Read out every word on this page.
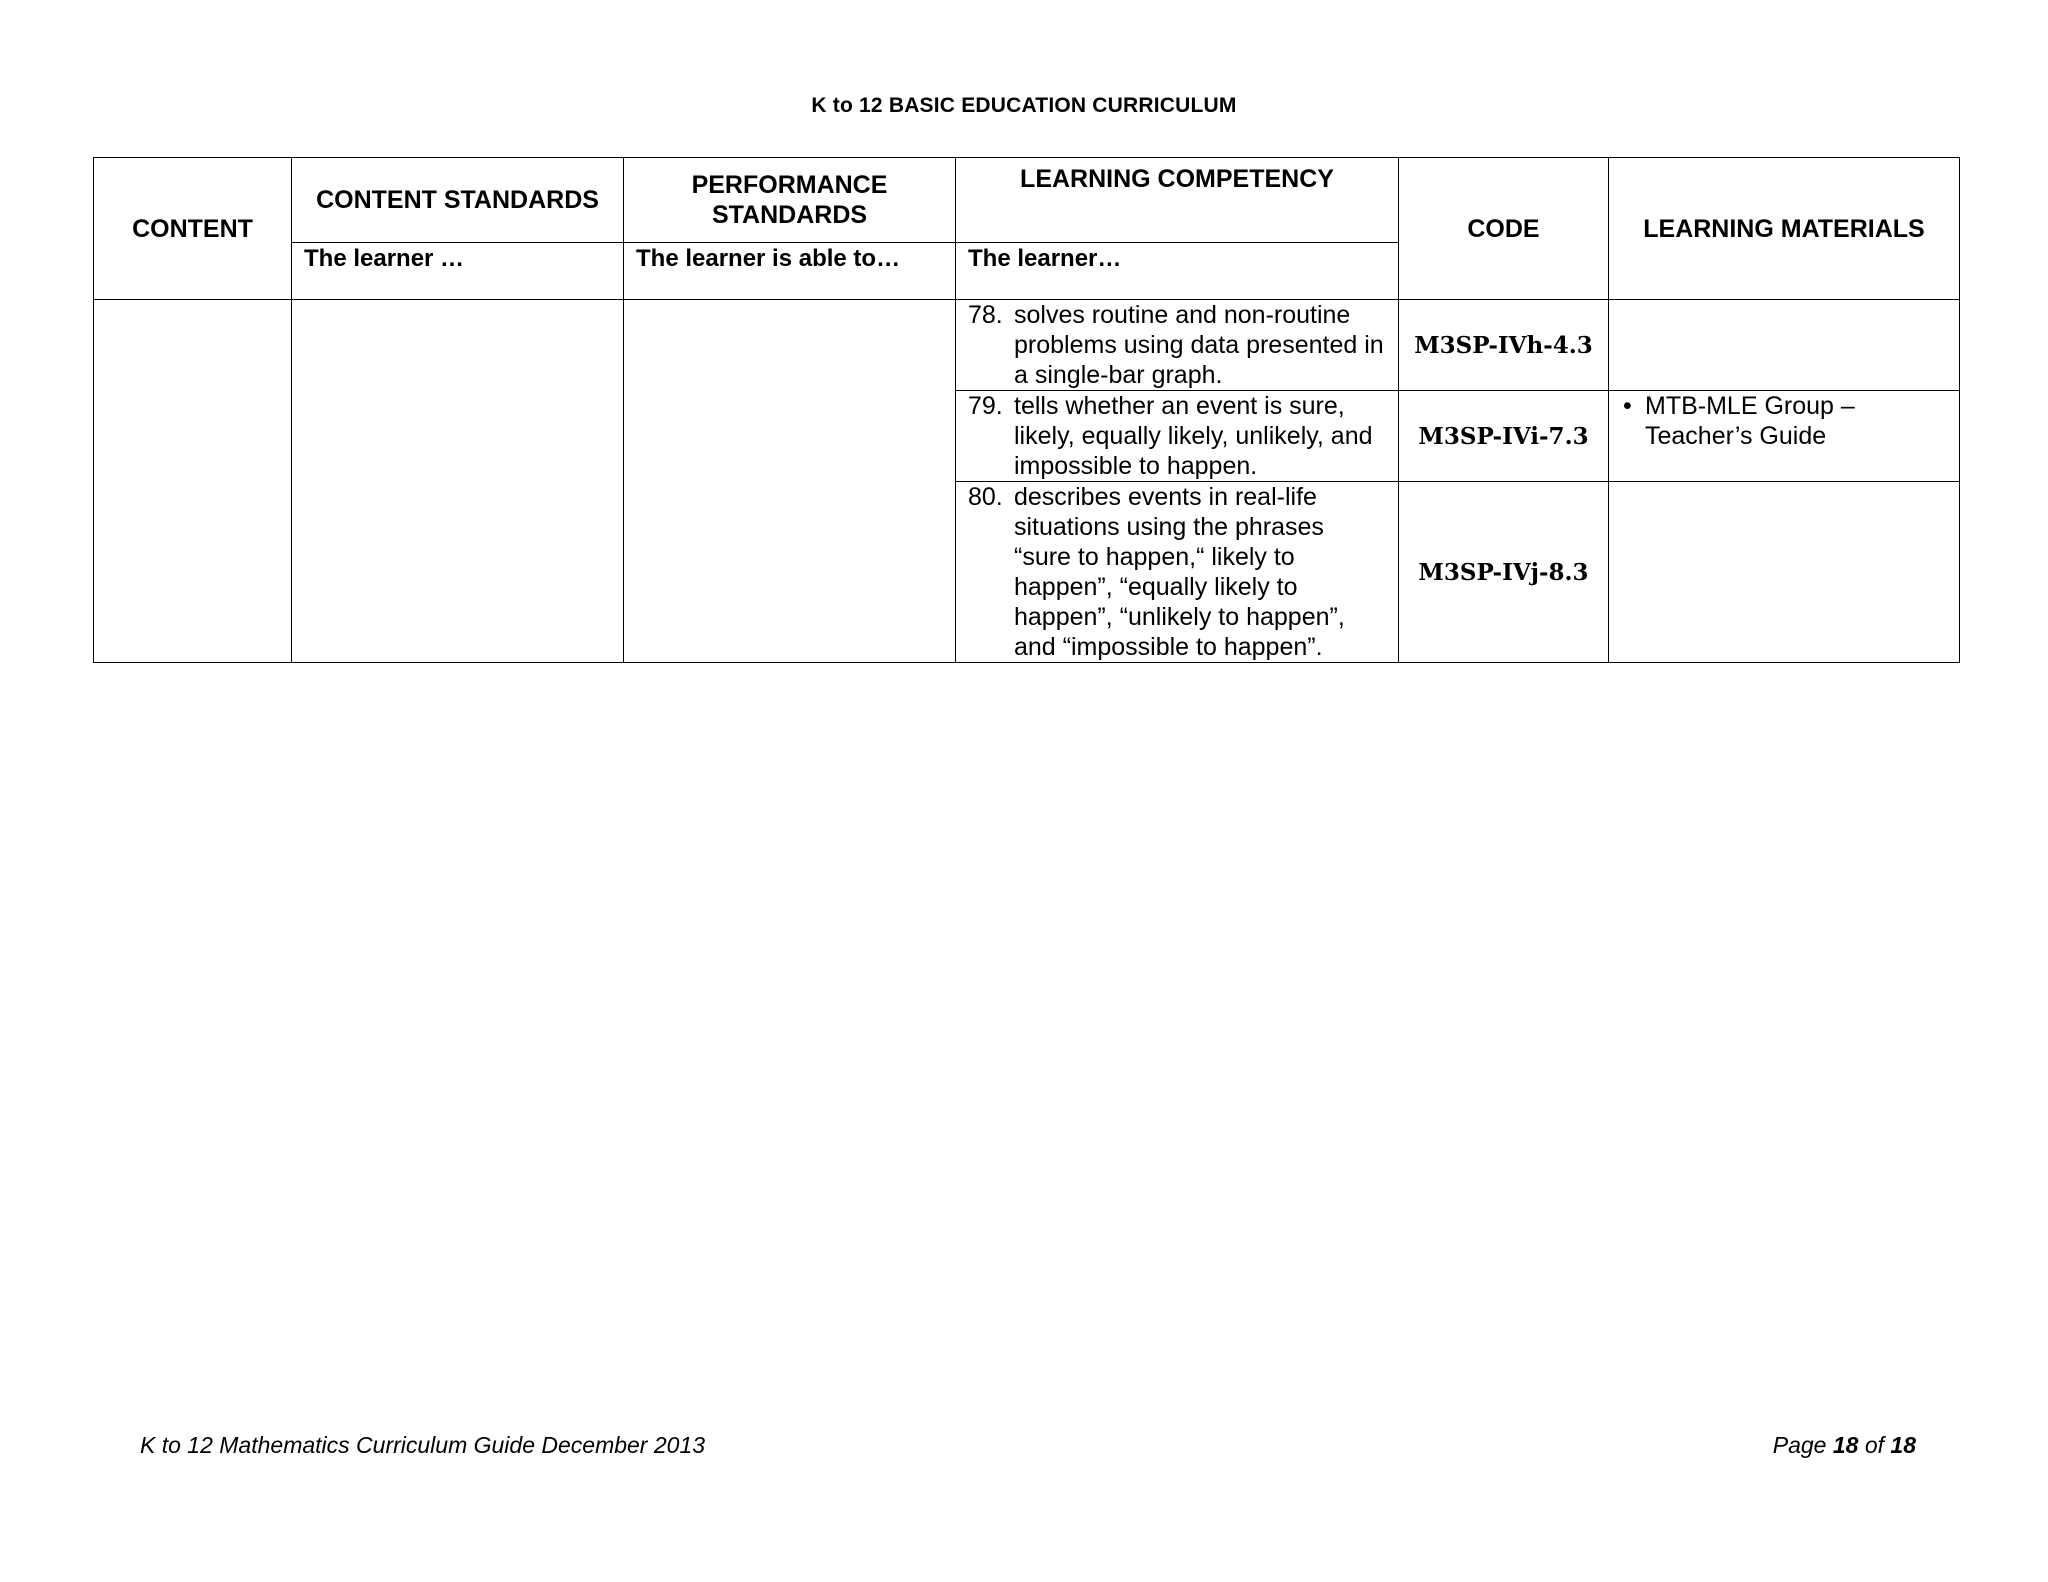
K to 12 BASIC EDUCATION CURRICULUM
CONTENT	CONTENT STANDARDS	PERFORMANCE STANDARDS	LEARNING COMPETENCY	CODE	LEARNING MATERIALS
	The learner …	The learner is able to…	The learner…		
			78. solves routine and non-routine problems using data presented in a single-bar graph.	M3SP-IVh-4.3	
			79. tells whether an event is sure, likely, equally likely, unlikely, and impossible to happen.	M3SP-IVi-7.3	• MTB-MLE Group – Teacher’s Guide
			80. describes events in real-life situations using the phrases “sure to happen,“ likely to happen”, “equally likely to happen”, “unlikely to happen”, and “impossible to happen”.	M3SP-IVj-8.3	
K to 12 Mathematics Curriculum Guide December 2013	Page 18 of 18
